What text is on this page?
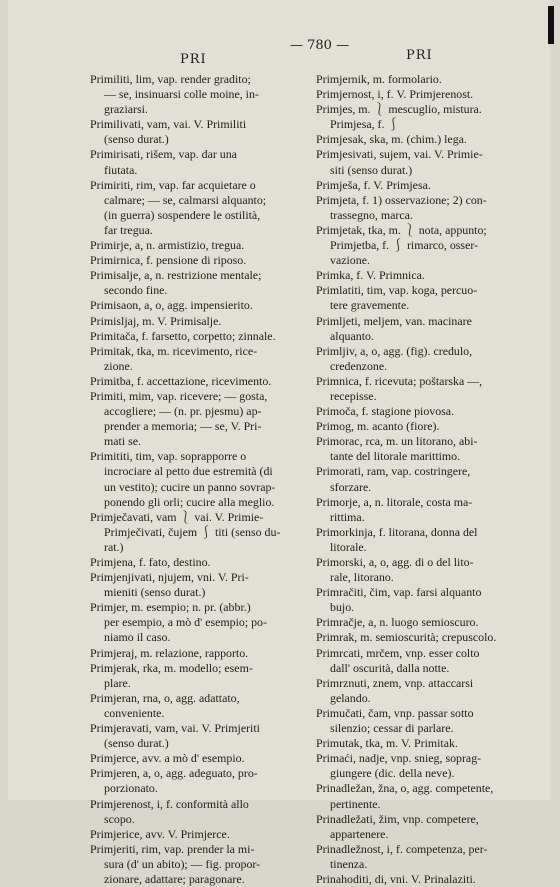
PRI
— 780 —
PRI
Primiliti, lim, vap. render gradito;
— se, insinuarsi colle moine, in-
graziarsi.
Primilivati, vam, vai. V. Primiliti
(senso durat.)
Primirisati, rišem, vap. dar una
fiutata.
Primiriti, rim, vap. far acquietare o
calmare; — se, calmarsi alquanto;
(in guerra) sospendere le ostilità,
far tregua.
Primirje, a, n. armistizio, tregua.
Primirnica, f. pensione di riposo.
Primisalje, a, n. restrizione mentale;
secondo fine.
Primisaon, a, o, agg. impensierito.
Primisljaj, m. V. Primisalje.
Primitača, f. farsetto, corpetto; zinnale.
Primitak, tka, m. ricevimento, rice-
zione.
Primitba, f. accettazione, ricevimento.
Primiti, mim, vap. ricevere; — gosta,
accogliere; — (n. pr. pjesmu) ap-
prender a memoria; — se, V. Pri-
mati se.
Primititi, tim, vap. soprapporre o
incrociare al petto due estremità (di
un vestito); cucire un panno sovrap-
ponendo gli orli; cucire alla meglio.
Primječavati, vam ⎱ vai. V. Primie-
Primječivati, čujem ⎰ titi (senso du-
rat.)
Primjena, f. fato, destino.
Primjenjivati, njujem, vni. V. Pri-
mieniti (senso durat.)
Primjer, m. esempio; n. pr. (abbr.)
per esempio, a mò d' esempio; po-
niamo il caso.
Primjeraj, m. relazione, rapporto.
Primjerak, rka, m. modello; esem-
plare.
Primjeran, rna, o, agg. adattato,
conveniente.
Primjeravati, vam, vai. V. Primjeriti
(senso durat.)
Primjerce, avv. a mò d' esempio.
Primjeren, a, o, agg. adeguato, pro-
porzionato.
Primjerenost, i, f. conformità allo
scopo.
Primjerice, avv. V. Primjerce.
Primjeriti, rim, vap. prender la mi-
sura (d' un abito); — fig. propor-
zionare, adattare; paragonare.
Primjernik, m. formolario.
Primjernost, i, f. V. Primjerenost.
Primjes, m. ⎱ mescuglio, mistura.
Primjesa, f. ⎰
Primjesak, ska, m. (chim.) lega.
Primjesivati, sujem, vai. V. Primie-
siti (senso durat.)
Primješa, f. V. Primjesa.
Primjeta, f. 1) osservazione; 2) con-
trassegno, marca.
Primjetak, tka, m. ⎱ nota, appunto;
Primjetba, f. ⎰ rimarco, osser-
vazione.
Primka, f. V. Primnica.
Primlatiti, tim, vap. koga, percuo-
tere gravemente.
Primljeti, meljem, van. macinare
alquanto.
Primljiv, a, o, agg. (fig). credulo,
credenzone.
Primnica, f. ricevuta; poštarska —,
recepisse.
Primoča, f. stagione piovosa.
Primog, m. acanto (fiore).
Primorac, rca, m. un litorano, abi-
tante del litorale marittimo.
Primorati, ram, vap. costringere,
sforzare.
Primorje, a, n. litorale, costa ma-
rittima.
Primorkinja, f. litorana, donna del
litorale.
Primorski, a, o, agg. di o del lito-
rale, litorano.
Primračiti, čim, vap. farsi alquanto
bujo.
Primračje, a, n. luogo semioscuro.
Primrak, m. semioscurità; crepuscolo.
Primrcati, mrčem, vnp. esser colto
dall' oscurità, dalla notte.
Primrznuti, znem, vnp. attaccarsi
gelando.
Primučati, čam, vnp. passar sotto
silenzio; cessar di parlare.
Primutak, tka, m. V. Primitak.
Primaći, nadje, vnp. snieg, soprag-
giungere (dic. della neve).
Prinadležan, žna, o, agg. competente,
pertinente.
Prinadležati, žim, vnp. competere,
appartenere.
Prinadležnost, i, f. competenza, per-
tinenza.
Prinahoditi, di, vni. V. Prinalaziti.
